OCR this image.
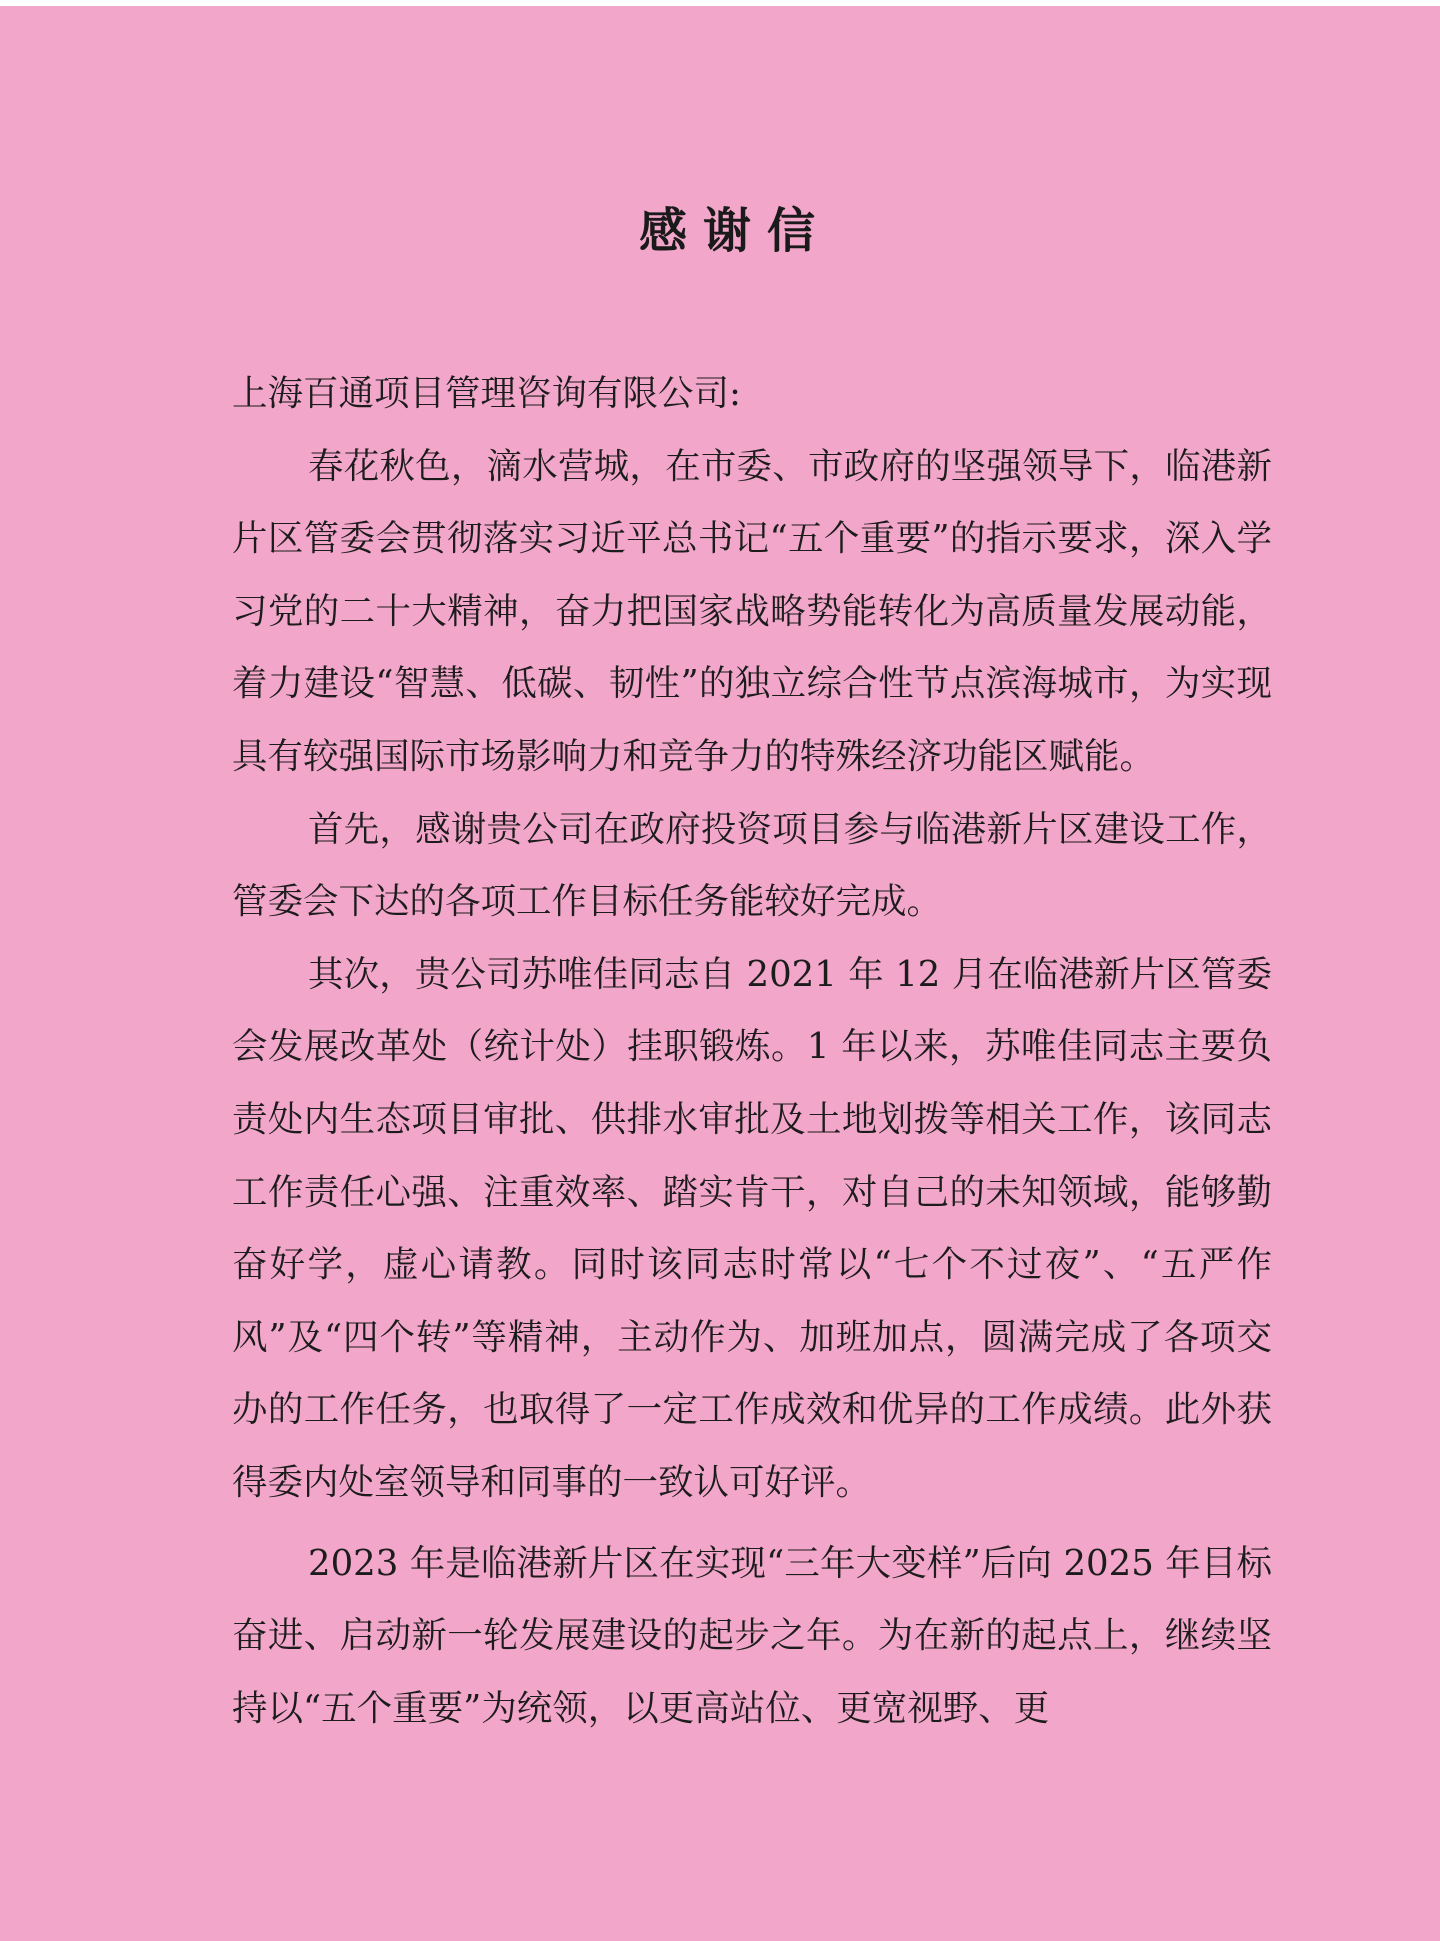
感谢信

上海百通项目管理咨询有限公司:

春花秋色，滴水营城，在市委、市政府的坚强领导下，临港新片区管委会贯彻落实习近平总书记“五个重要”的指示要求，深入学习党的二十大精神，奋力把国家战略势能转化为高质量发展动能，着力建设“智慧、低碳、韧性”的独立综合性节点滨海城市，为实现具有较强国际市场影响力和竞争力的特殊经济功能区赋能。

首先，感谢贵公司在政府投资项目参与临港新片区建设工作，管委会下达的各项工作目标任务能较好完成。

其次，贵公司苏唯佳同志自 2021 年 12 月在临港新片区管委会发展改革处（统计处）挂职锻炼。1 年以来，苏唯佳同志主要负责处内生态项目审批、供排水审批及土地划拨等相关工作，该同志工作责任心强、注重效率、踏实肯干，对自己的未知领域，能够勤奋好学，虚心请教。同时该同志时常以“七个不过夜”、“五严作风”及“四个转”等精神，主动作为、加班加点，圆满完成了各项交办的工作任务，也取得了一定工作成效和优异的工作成绩。此外获得委内处室领导和同事的一致认可好评。

2023 年是临港新片区在实现“三年大变样”后向 2025 年目标奋进、启动新一轮发展建设的起步之年。为在新的起点上，继续坚持以“五个重要”为统领，以更高站位、更宽视野、更
